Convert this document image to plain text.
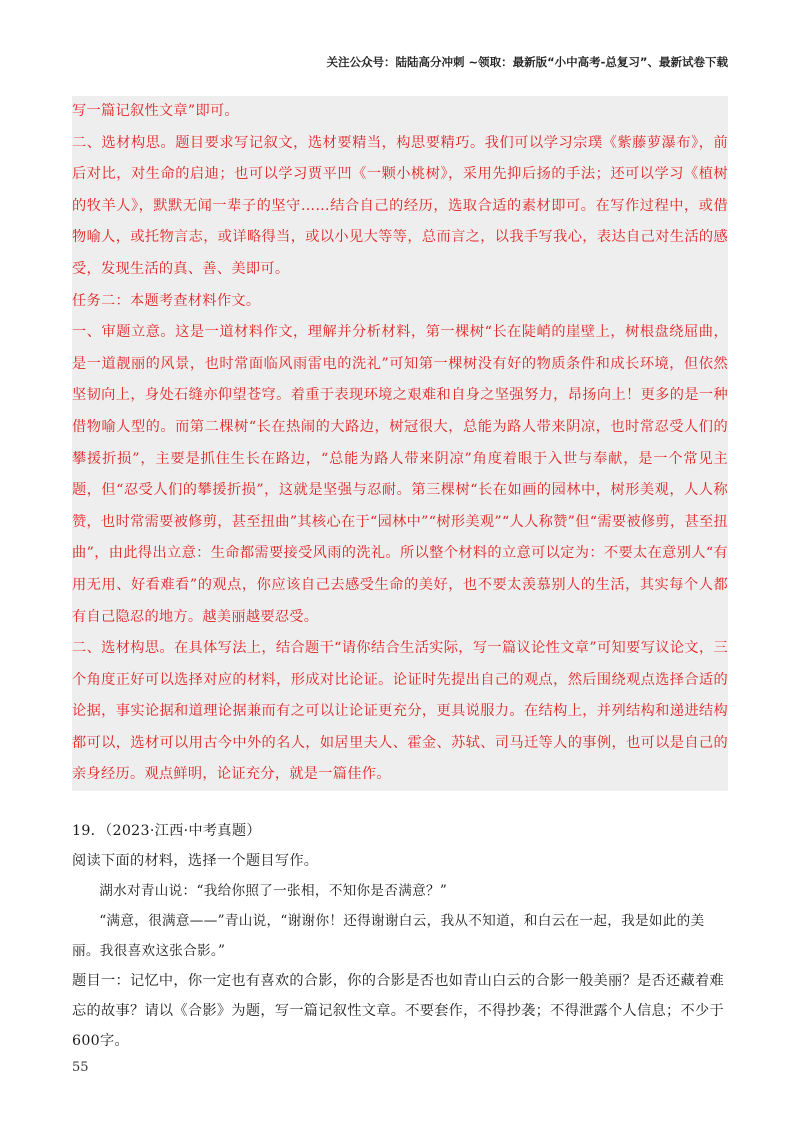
关注公众号：陆陆高分冲刺 ~领取：最新版“小中高考-总复习”、最新试卷下载

写一篇记叙性文章”即可。

二、选材构思。题目要求写记叙文，选材要精当，构思要精巧。我们可以学习宗璞《紫藤萝瀑布》，前后对比，对生命的启迪；也可以学习贾平凹《一颗小桃树》，采用先抑后扬的手法；还可以学习《植树的牧羊人》，默默无闻一辈子的坚守……结合自己的经历，选取合适的素材即可。在写作过程中，或借物喻人，或托物言志，或详略得当，或以小见大等等，总而言之，以我手写我心，表达自己对生活的感受，发现生活的真、善、美即可。

任务二：本题考查材料作文。

一、审题立意。这是一道材料作文，理解并分析材料，第一棵树“长在陡峭的崖壁上，树根盘绕屈曲，是一道靓丽的风景，也时常面临风雨雷电的洗礼”可知第一棵树没有好的物质条件和成长环境，但依然坚韧向上，身处石缝亦仰望苍穹。着重于表现环境之艰难和自身之坚强努力，昂扬向上！更多的是一种借物喻人型的。而第二棵树“长在热闹的大路边，树冠很大，总能为路人带来阴凉，也时常忍受人们的攀援折损”，主要是抓住生长在路边，“总能为路人带来阴凉”角度着眼于入世与奉献，是一个常见主题，但“忍受人们的攀援折损”，这就是坚强与忍耐。第三棵树“长在如画的园林中，树形美观，人人称赞，也时常需要被修剪，甚至扭曲”其核心在于“园林中”“树形美观”“人人称赞”但“需要被修剪，甚至扭曲”，由此得出立意：生命都需要接受风雨的洗礼。所以整个材料的立意可以定为：不要太在意别人“有用无用、好看难看”的观点，你应该自己去感受生命的美好，也不要太羡慕别人的生活，其实每个人都有自己隐忍的地方。越美丽越要忍受。

二、选材构思。在具体写法上，结合题干“请你结合生活实际，写一篇议论性文章”可知要写议论文，三个角度正好可以选择对应的材料，形成对比论证。论证时先提出自己的观点，然后围绕观点选择合适的论据，事实论据和道理论据兼而有之可以让论证更充分，更具说服力。在结构上，并列结构和递进结构都可以，选材可以用古今中外的名人，如居里夫人、霍金、苏轼、司马迁等人的事例，也可以是自己的亲身经历。观点鲜明，论证充分，就是一篇佳作。

19．（2023·江西·中考真题）

阅读下面的材料，选择一个题目写作。

湖水对青山说：“我给你照了一张相，不知你是否满意？”

“满意，很满意——”青山说，“谢谢你！还得谢谢白云，我从不知道，和白云在一起，我是如此的美丽。我很喜欢这张合影。”

题目一：记忆中，你一定也有喜欢的合影，你的合影是否也如青山白云的合影一般美丽？是否还藏着难忘的故事？请以《合影》为题，写一篇记叙性文章。不要套作，不得抄袭；不得泄露个人信息；不少于600字。

55
